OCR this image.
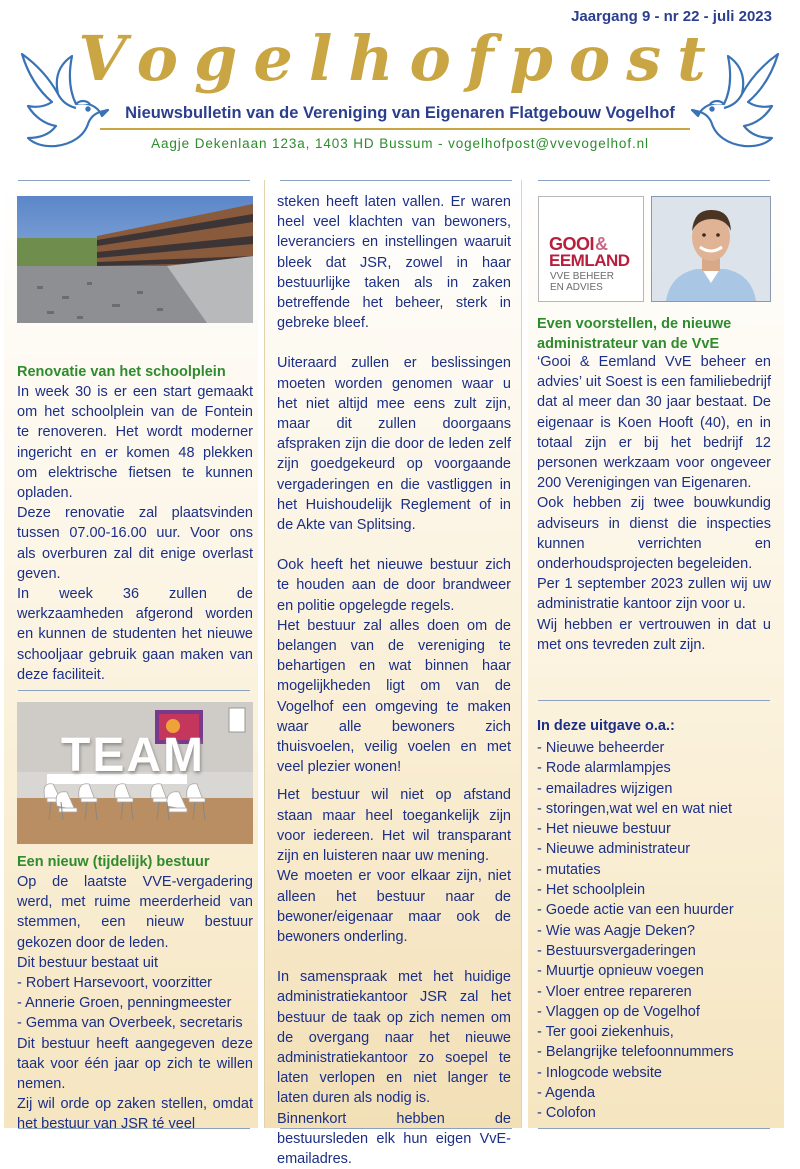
Jaargang 9 - nr 22 - juli 2023
Vogelhofpost
Nieuwsbulletin van de Vereniging van Eigenaren Flatgebouw Vogelhof
Aagje Dekenlaan 123a, 1403 HD Bussum - vogelhofpost@vvevogelhof.nl
Renovatie van het schoolplein

In week 30 is er een start gemaakt om het schoolplein van de Fontein te renoveren. Het wordt moderner ingericht en er komen 48 plekken om elektrische fietsen te kunnen opladen.

Deze renovatie zal plaatsvinden tussen 07.00-16.00 uur. Voor ons als overburen zal dit enige overlast geven.

In week 36 zullen de werkzaamheden afgerond worden en kunnen de studenten het nieuwe schooljaar gebruik gaan maken van deze faciliteit.

TEAM
Een nieuw (tijdelijk) bestuur

Op de laatste VVE-vergadering werd, met ruime meerderheid van stemmen, een nieuw bestuur gekozen door de leden.

Dit bestuur bestaat uit

- Robert Harsevoort, voorzitter

- Annerie Groen, penningmeester

- Gemma van Overbeek, secretaris

Dit bestuur heeft aangegeven deze taak voor één jaar op zich te willen nemen.

Zij wil orde op zaken stellen, omdat het bestuur van JSR té veel

steken heeft laten vallen. Er waren heel veel klachten van bewoners, leveranciers en instellingen waaruit bleek dat JSR, zowel in haar bestuurlijke taken als in zaken betreffende het beheer, sterk in gebreke bleef.

Uiteraard zullen er beslissingen moeten worden genomen waar u het niet altijd mee eens zult zijn, maar dit zullen doorgaans afspraken zijn die door de leden zelf zijn goedgekeurd op voorgaande vergaderingen en die vastliggen in het Huishoudelijk Reglement of in de Akte van Splitsing.

Ook heeft het nieuwe bestuur zich te houden aan de door brandweer en politie opgelegde regels.

Het bestuur zal alles doen om de belangen van de vereniging te behartigen en wat binnen haar mogelijkheden ligt om van de Vogelhof een omgeving te maken waar alle bewoners zich thuisvoelen, veilig voelen en met veel plezier wonen!

Het bestuur wil niet op afstand staan maar heel toegankelijk zijn voor iedereen. Het wil transparant zijn en luisteren naar uw mening.

We moeten er voor elkaar zijn, niet alleen het bestuur naar de bewoner/eigenaar maar ook de bewoners onderling.

In samenspraak met het huidige administratiekantoor JSR zal het bestuur de taak op zich nemen om de overgang naar het nieuwe administratiekantoor zo soepel te laten verlopen en niet langer te laten duren als nodig is.

Binnenkort hebben de bestuursleden elk hun eigen VvE- emailadres.

GOOI&
EEMLAND
VVE BEHEER
EN ADVIES
Even voorstellen, de nieuwe administrateur van de VvE

‘Gooi & Eemland VvE beheer en advies’ uit Soest is een familiebedrijf dat al meer dan 30 jaar bestaat. De eigenaar is Koen Hooft (40), en in totaal zijn er bij het bedrijf 12 personen werkzaam voor ongeveer 200 Verenigingen van Eigenaren.

Ook hebben zij twee bouwkundig adviseurs in dienst die inspecties kunnen verrichten en onderhoudsprojecten begeleiden.

Per 1 september 2023 zullen wij uw administratie kantoor zijn voor u.

Wij hebben er vertrouwen in dat u met ons tevreden zult zijn.

In deze uitgave o.a.:
- Nieuwe beheerder
- Rode alarmlampjes
- emailadres wijzigen
- storingen,wat wel en wat niet
- Het nieuwe bestuur
- Nieuwe administrateur
- mutaties
- Het schoolplein
- Goede actie van een huurder
- Wie was Aagje Deken?
- Bestuursvergaderingen
- Muurtje opnieuw voegen
- Vloer entree repareren
- Vlaggen op de Vogelhof
- Ter gooi ziekenhuis,
- Belangrijke telefoonnummers
- Inlogcode website
- Agenda
- Colofon
